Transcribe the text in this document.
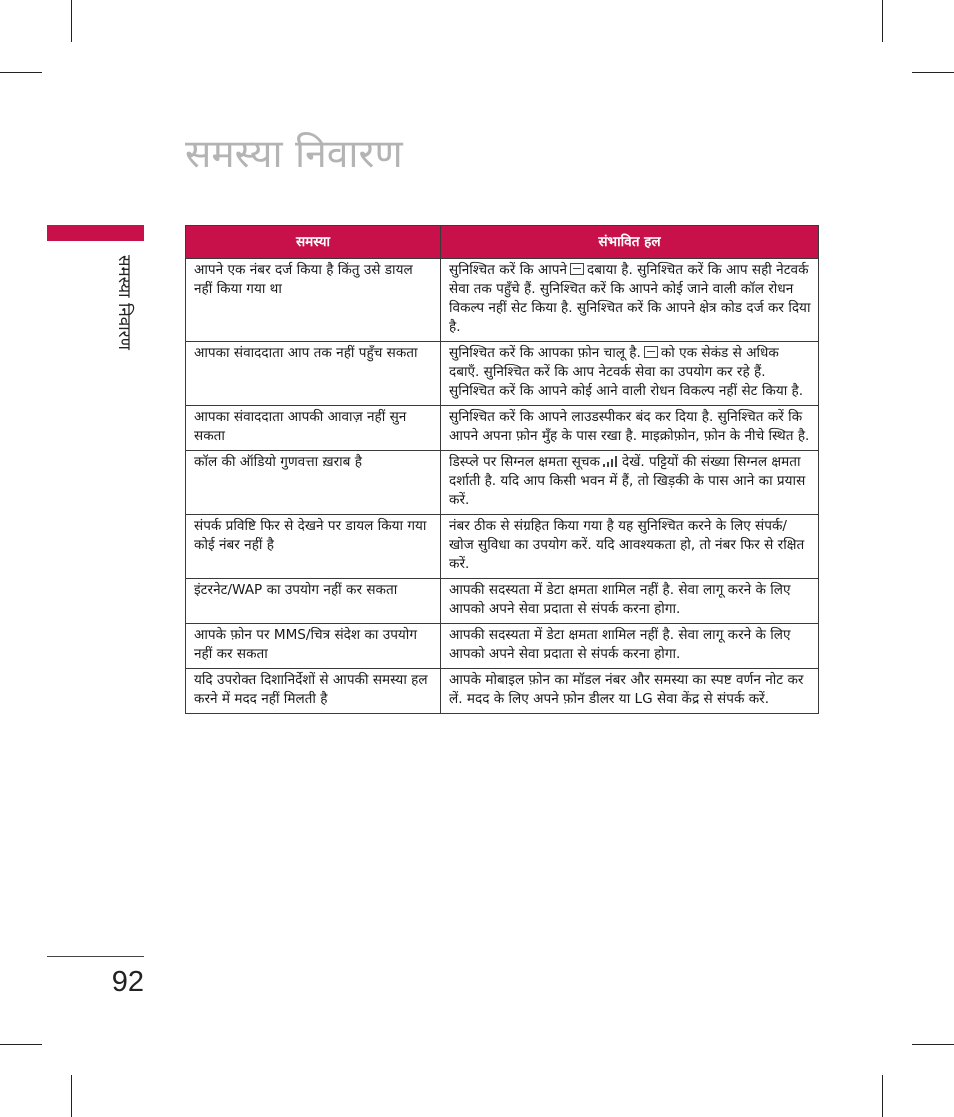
समस्या निवारण
समस्या निवारण
समस्या	संभावित हल
आपने एक नंबर दर्ज किया है किंतु उसे डायल नहीं किया गया था	सुनिश्चित करें कि आपने दबाया है. सुनिश्चित करें कि आप सही नेटवर्क सेवा तक पहुँचे हैं. सुनिश्चित करें कि आपने कोई जाने वाली कॉल रोधन विकल्प नहीं सेट किया है. सुनिश्चित करें कि आपने क्षेत्र कोड दर्ज कर दिया है.
आपका संवाददाता आप तक नहीं पहुँच सकता	सुनिश्चित करें कि आपका फ़ोन चालू है. को एक सेकंड से अधिक दबाएँ. सुनिश्चित करें कि आप नेटवर्क सेवा का उपयोग कर रहे हैं. सुनिश्चित करें कि आपने कोई आने वाली रोधन विकल्प नहीं सेट किया है.
आपका संवाददाता आपकी आवाज़ नहीं सुन सकता	सुनिश्चित करें कि आपने लाउडस्पीकर बंद कर दिया है. सुनिश्चित करें कि आपने अपना फ़ोन मुँह के पास रखा है. माइक्रोफ़ोन, फ़ोन के नीचे स्थित है.
कॉल की ऑडियो गुणवत्ता ख़राब है	डिस्प्ले पर सिग्नल क्षमता सूचक देखें. पट्टियों की संख्या सिग्नल क्षमता दर्शाती है. यदि आप किसी भवन में हैं, तो खिड़की के पास आने का प्रयास करें.
संपर्क प्रविष्टि फिर से देखने पर डायल किया गया कोई नंबर नहीं है	नंबर ठीक से संग्रहित किया गया है यह सुनिश्चित करने के लिए संपर्क/खोज सुविधा का उपयोग करें. यदि आवश्यकता हो, तो नंबर फिर से रक्षित करें.
इंटरनेट/WAP का उपयोग नहीं कर सकता	आपकी सदस्यता में डेटा क्षमता शामिल नहीं है. सेवा लागू करने के लिए आपको अपने सेवा प्रदाता से संपर्क करना होगा.
आपके फ़ोन पर MMS/चित्र संदेश का उपयोग नहीं कर सकता	आपकी सदस्यता में डेटा क्षमता शामिल नहीं है. सेवा लागू करने के लिए आपको अपने सेवा प्रदाता से संपर्क करना होगा.
यदि उपरोक्त दिशानिर्देशों से आपकी समस्या हल करने में मदद नहीं मिलती है	आपके मोबाइल फ़ोन का मॉडल नंबर और समस्या का स्पष्ट वर्णन नोट कर लें. मदद के लिए अपने फ़ोन डीलर या LG सेवा केंद्र से संपर्क करें.
92
